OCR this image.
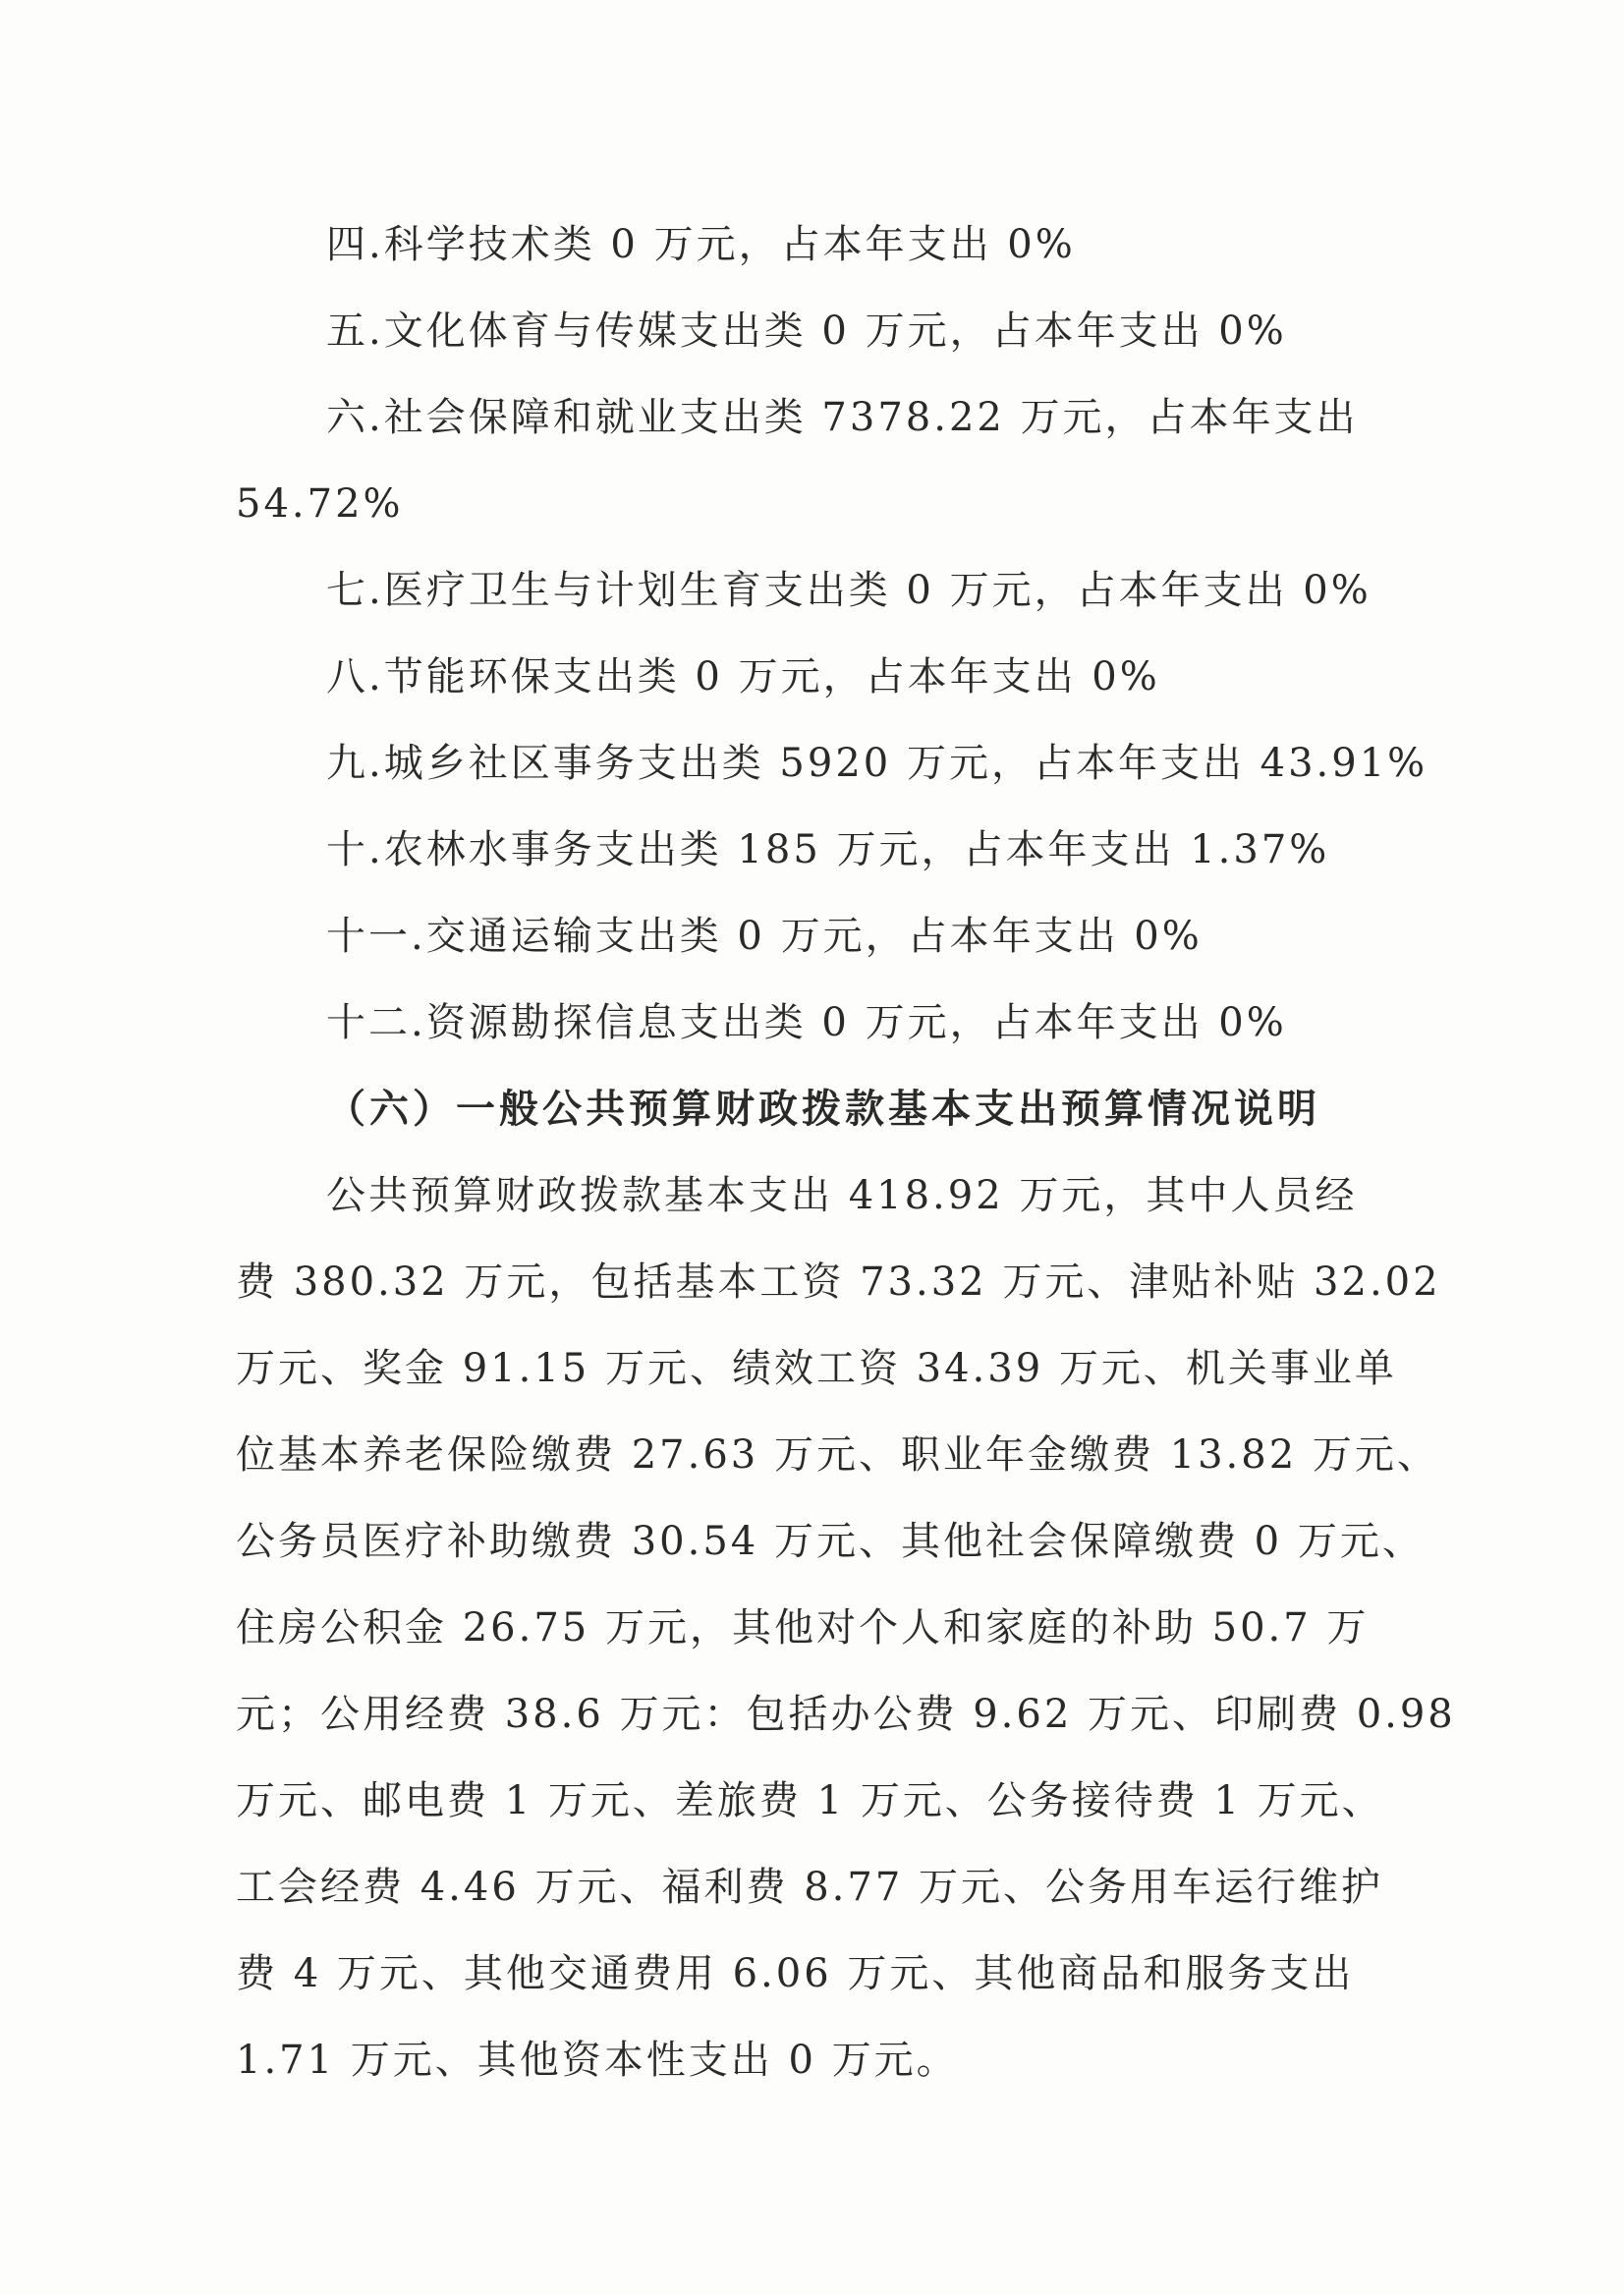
四.科学技术类 0 万元，占本年支出 0%
五.文化体育与传媒支出类 0 万元，占本年支出 0%
六.社会保障和就业支出类 7378.22 万元，占本年支出
54.72%
七.医疗卫生与计划生育支出类 0 万元，占本年支出 0%
八.节能环保支出类 0 万元，占本年支出 0%
九.城乡社区事务支出类 5920 万元，占本年支出 43.91%
十.农林水事务支出类 185 万元，占本年支出 1.37%
十一.交通运输支出类 0 万元，占本年支出 0%
十二.资源勘探信息支出类 0 万元，占本年支出 0%
（六）一般公共预算财政拨款基本支出预算情况说明
公共预算财政拨款基本支出 418.92 万元，其中人员经
费 380.32 万元，包括基本工资 73.32 万元、津贴补贴 32.02
万元、奖金 91.15 万元、绩效工资 34.39 万元、机关事业单
位基本养老保险缴费 27.63 万元、职业年金缴费 13.82 万元、
公务员医疗补助缴费 30.54 万元、其他社会保障缴费 0 万元、
住房公积金 26.75 万元，其他对个人和家庭的补助 50.7 万
元；公用经费 38.6 万元：包括办公费 9.62 万元、印刷费 0.98
万元、邮电费 1 万元、差旅费 1 万元、公务接待费 1 万元、
工会经费 4.46 万元、福利费 8.77 万元、公务用车运行维护
费 4 万元、其他交通费用 6.06 万元、其他商品和服务支出
1.71 万元、其他资本性支出 0 万元。
